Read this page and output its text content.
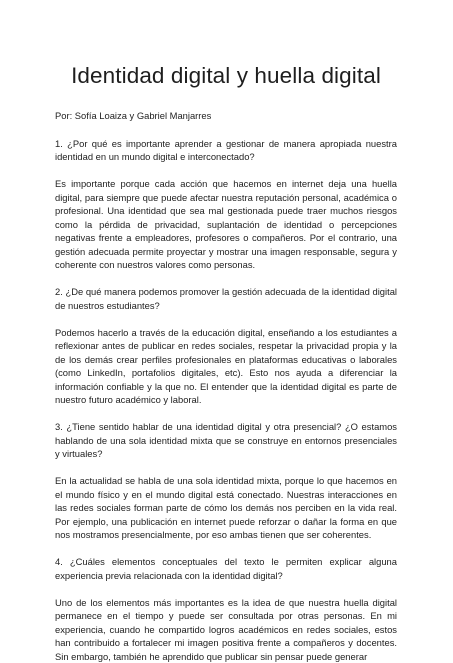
Identidad digital y huella digital

Por: Sofía Loaiza y Gabriel Manjarres

1. ¿Por qué es importante aprender a gestionar de manera apropiada nuestra identidad en un mundo digital e interconectado?

Es importante porque cada acción que hacemos en internet deja una huella digital, para siempre que puede afectar nuestra reputación personal, académica o profesional. Una identidad que sea mal gestionada puede traer muchos riesgos como la pérdida de privacidad, suplantación de identidad o percepciones negativas frente a empleadores, profesores o compañeros. Por el contrario, una gestión adecuada permite proyectar y mostrar una imagen responsable, segura y coherente con nuestros valores como personas.

2. ¿De qué manera podemos promover la gestión adecuada de la identidad digital de nuestros estudiantes?

Podemos hacerlo a través de la educación digital, enseñando a los estudiantes a reflexionar antes de publicar en redes sociales, respetar la privacidad propia y la de los demás crear perfiles profesionales en plataformas educativas o laborales (como LinkedIn, portafolios digitales, etc). Esto nos ayuda a diferenciar la información confiable y la que no. El entender que la identidad digital es parte de nuestro futuro académico y laboral.

3. ¿Tiene sentido hablar de una identidad digital y otra presencial? ¿O estamos hablando de una sola identidad mixta que se construye en entornos presenciales y virtuales?

En la actualidad se habla de una sola identidad mixta, porque lo que hacemos en el mundo físico y en el mundo digital está conectado. Nuestras interacciones en las redes sociales forman parte de cómo los demás nos perciben en la vida real. Por ejemplo, una publicación en internet puede reforzar o dañar la forma en que nos mostramos presencialmente, por eso ambas tienen que ser coherentes.

4. ¿Cuáles elementos conceptuales del texto le permiten explicar alguna experiencia previa relacionada con la identidad digital?

Uno de los elementos más importantes es la idea de que nuestra huella digital permanece en el tiempo y puede ser consultada por otras personas. En mi experiencia, cuando he compartido logros académicos en redes sociales, estos han contribuido a fortalecer mi imagen positiva frente a compañeros y docentes. Sin embargo, también he aprendido que publicar sin pensar puede generar
